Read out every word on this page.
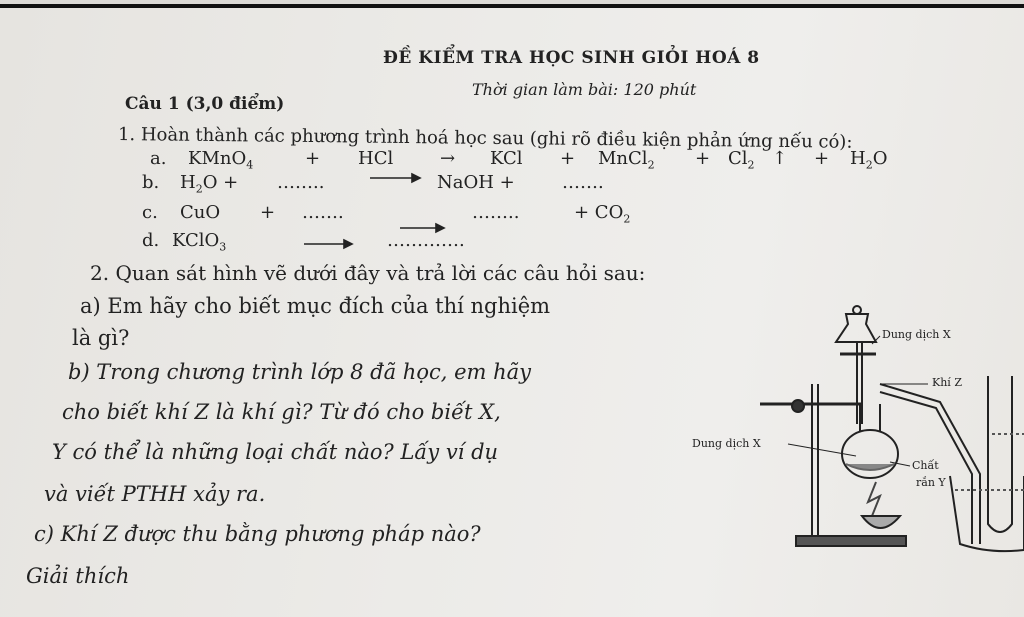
ĐỀ KIỂM TRA HỌC SINH GIỎI HOÁ 8
Thời gian làm bài: 120 phút
Câu 1 (3,0 điểm)
1. Hoàn thành các phương trình hoá học sau (ghi rõ điều kiện phản ứng nếu có):
a. KMnO$_4$	+ HCl	→ KCl + MnCl$_2$ + $Cl_2$ ↑ + $H_2O$
b. $H_2O$ + ……..	NaOH +	…….
c. CuO + …….	……..	+ $CO_2$
d. KClO$_3$	………….
2. Quan sát hình vẽ dưới đây và trả lời các câu hỏi sau:
a) Em hãy cho biết mục đích của thí nghiệm
là gì?
b) Trong chương trình lớp 8 đã học, em hãy
cho biết khí Z là khí gì? Từ đó cho biết X,
Y có thể là những loại chất nào? Lấy ví dụ
và viết PTHH xảy ra.
c) Khí Z được thu bằng phương pháp nào?
Giải thích
Dung dịch X
Khí Z
Dung dịch X
Chất
rắn Y
